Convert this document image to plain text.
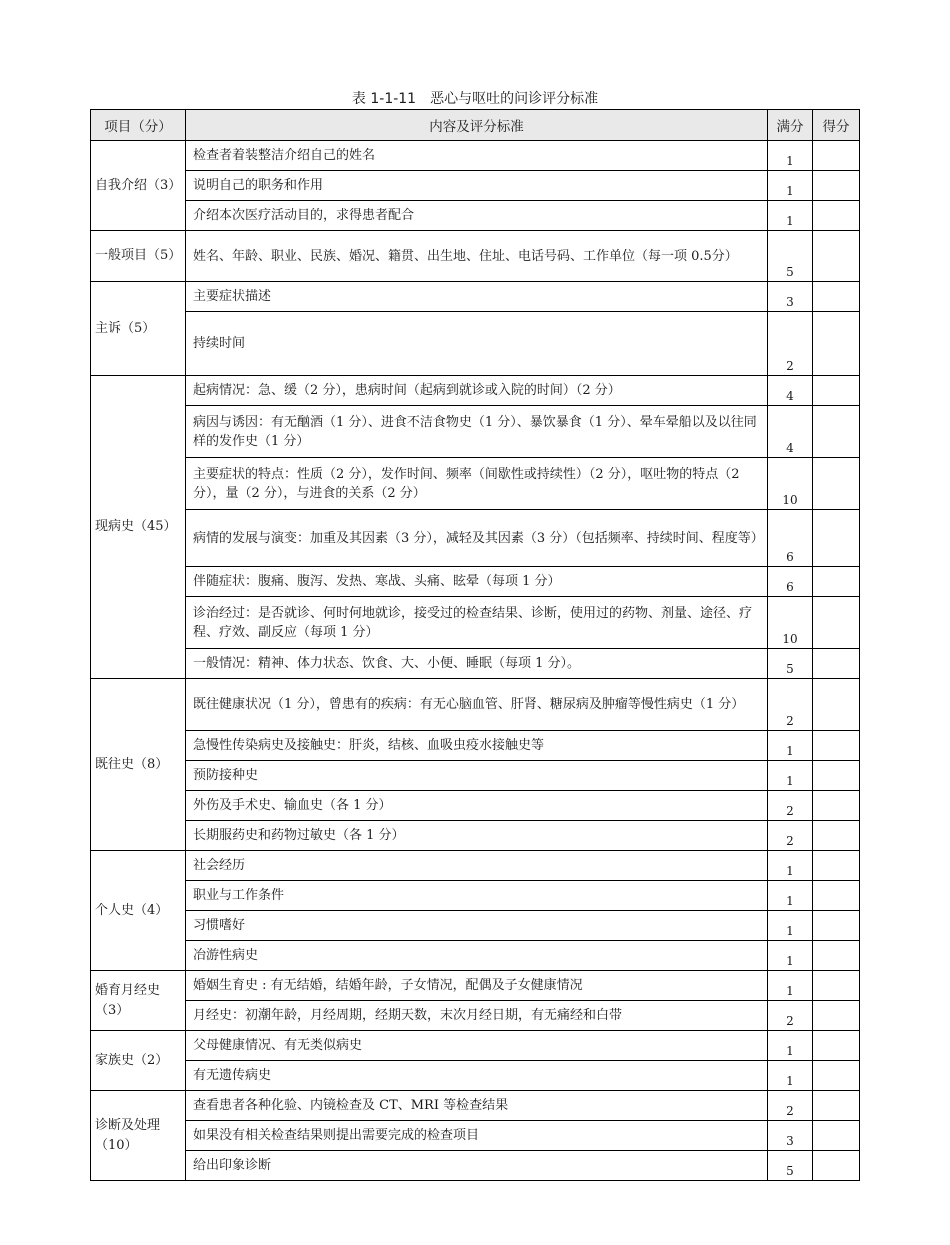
表 1-1-11 恶心与呕吐的问诊评分标准
项目（分）	内容及评分标准	满分	得分
自我介绍（3）	检查者着装整洁介绍自己的姓名	1	
	说明自己的职务和作用	1	
	介绍本次医疗活动目的，求得患者配合	1	
一般项目（5）	姓名、年龄、职业、民族、婚况、籍贯、出生地、住址、电话号码、工作单位（每一项 0.5分）	5	
主诉（5）	主要症状描述	3	
	持续时间	2	
现病史（45）	起病情况：急、缓（2 分），患病时间（起病到就诊或入院的时间）（2 分）	4	
	病因与诱因：有无酗酒（1 分）、进食不洁食物史（1 分）、暴饮暴食（1 分）、晕车晕船以及以往同样的发作史（1 分）	4	
	主要症状的特点：性质（2 分），发作时间、频率（间歇性或持续性）（2 分），呕吐物的特点（2 分），量（2 分），与进食的关系（2 分）	10	
	病情的发展与演变：加重及其因素（3 分），减轻及其因素（3 分）（包括频率、持续时间、程度等）	6	
	伴随症状：腹痛、腹泻、发热、寒战、头痛、眩晕（每项 1 分）	6	
	诊治经过：是否就诊、何时何地就诊，接受过的检查结果、诊断，使用过的药物、剂量、途径、疗程、疗效、副反应（每项 1 分）	10	
	一般情况：精神、体力状态、饮食、大、小便、睡眠（每项 1 分）。	5	
既往史（8）	既往健康状况（1 分），曾患有的疾病：有无心脑血管、肝肾、糖尿病及肿瘤等慢性病史（1 分）	2	
	急慢性传染病史及接触史：肝炎，结核、血吸虫疫水接触史等	1	
	预防接种史	1	
	外伤及手术史、输血史（各 1 分）	2	
	长期服药史和药物过敏史（各 1 分）	2	
个人史（4）	社会经历	1	
	职业与工作条件	1	
	习惯嗜好	1	
	冶游性病史	1	
婚育月经史（3）	婚姻生育史 : 有无结婚，结婚年龄，子女情况，配偶及子女健康情况	1	
	月经史：初潮年龄，月经周期，经期天数，末次月经日期，有无痛经和白带	2	
家族史（2）	父母健康情况、有无类似病史	1	
	有无遗传病史	1	
诊断及处理（10）	查看患者各种化验、内镜检查及 CT、MRI 等检查结果	2	
	如果没有相关检查结果则提出需要完成的检查项目	3	
	给出印象诊断	5	
